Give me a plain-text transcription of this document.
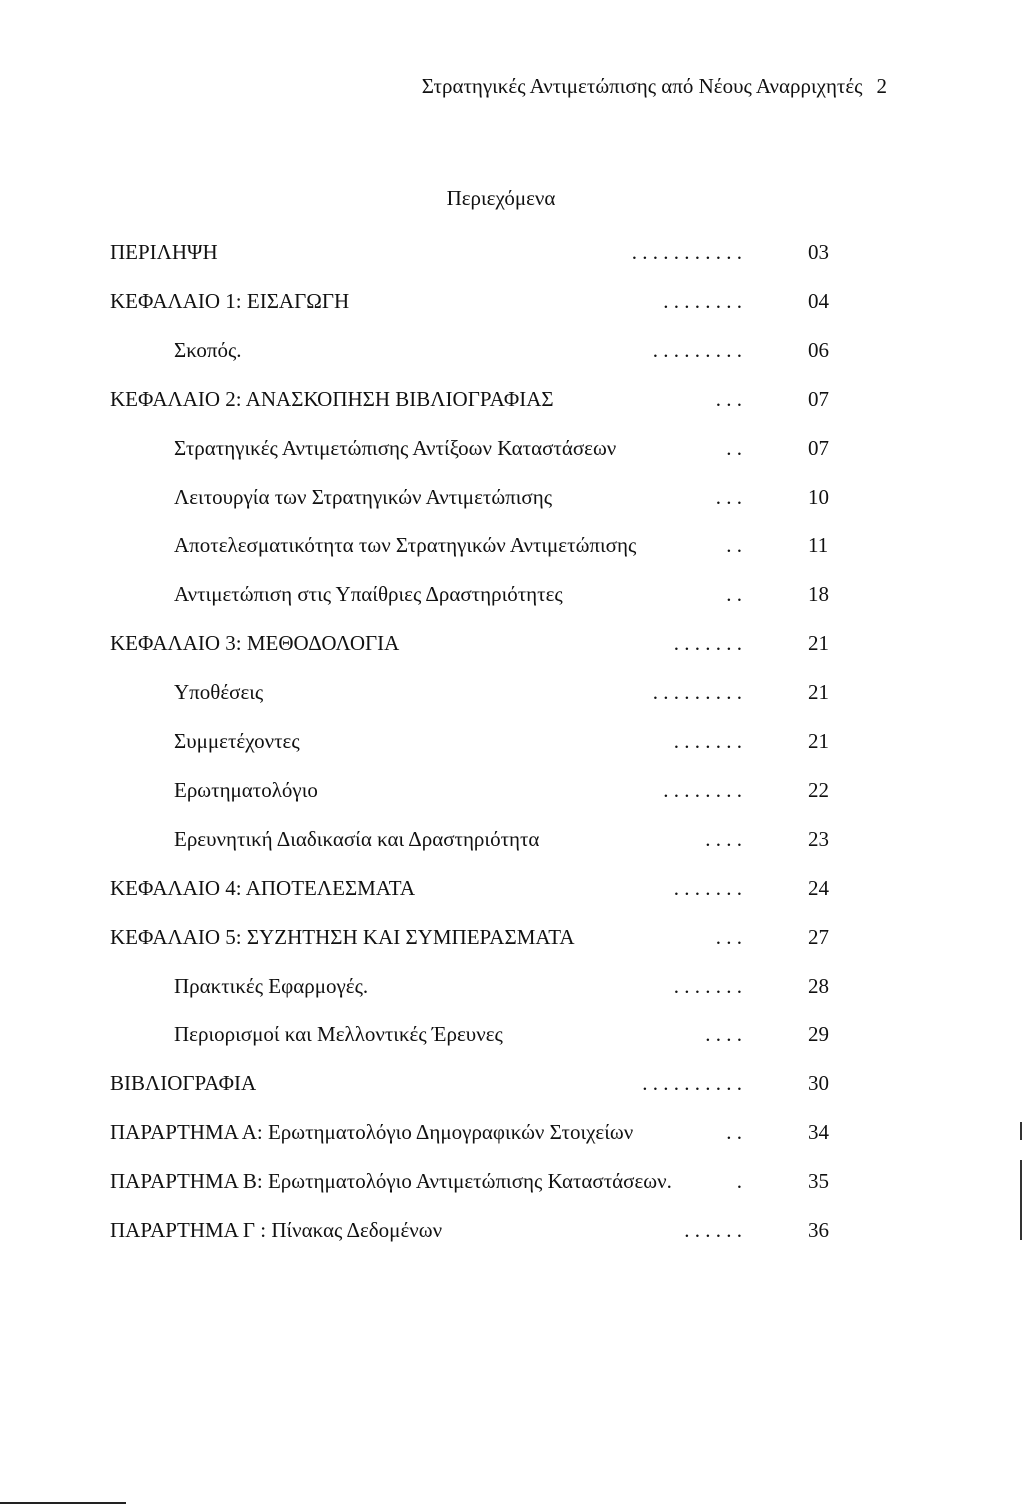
Στρατηγικές Αντιμετώπισης από Νέους Αναρριχητές 2
Περιεχόμενα
ΠΕΡΙΛΗΨΗ	. . . . . . . . . . .	03
ΚΕΦΑΛΑΙΟ 1: ΕΙΣΑΓΩΓΗ	. . . . . . . .	04
Σκοπός.	. . . . . . . . .	06
ΚΕΦΑΛΑΙΟ 2: ΑΝΑΣΚΟΠΗΣΗ ΒΙΒΛΙΟΓΡΑΦΙΑΣ	. . .	07
Στρατηγικές Αντιμετώπισης Αντίξοων Καταστάσεων	. .	07
Λειτουργία των Στρατηγικών Αντιμετώπισης	. . .	10
Αποτελεσματικότητα των Στρατηγικών Αντιμετώπισης	. .	11
Αντιμετώπιση στις Υπαίθριες Δραστηριότητες	. .	18
ΚΕΦΑΛΑΙΟ 3: ΜΕΘΟΔΟΛΟΓΙΑ	. . . . . . .	21
Υποθέσεις	. . . . . . . . .	21
Συμμετέχοντες	. . . . . . .	21
Ερωτηματολόγιο	. . . . . . . .	22
Ερευνητική Διαδικασία και Δραστηριότητα	. . . .	23
ΚΕΦΑΛΑΙΟ 4: ΑΠΟΤΕΛΕΣΜΑΤΑ	. . . . . . .	24
ΚΕΦΑΛΑΙΟ 5: ΣΥΖΗΤΗΣΗ ΚΑΙ ΣΥΜΠΕΡΑΣΜΑΤΑ	. . .	27
Πρακτικές Εφαρμογές.	. . . . . . .	28
Περιορισμοί και Μελλοντικές Έρευνες	. . . .	29
ΒΙΒΛΙΟΓΡΑΦΙΑ	. . . . . . . . . .	30
ΠΑΡΑΡΤΗΜΑ Α: Ερωτηματολόγιο Δημογραφικών Στοιχείων	. .	34
ΠΑΡΑΡΤΗΜΑ Β: Ερωτηματολόγιο Αντιμετώπισης Καταστάσεων.	.	35
ΠΑΡΑΡΤΗΜΑ Γ : Πίνακας Δεδομένων	. . . . . .	36
